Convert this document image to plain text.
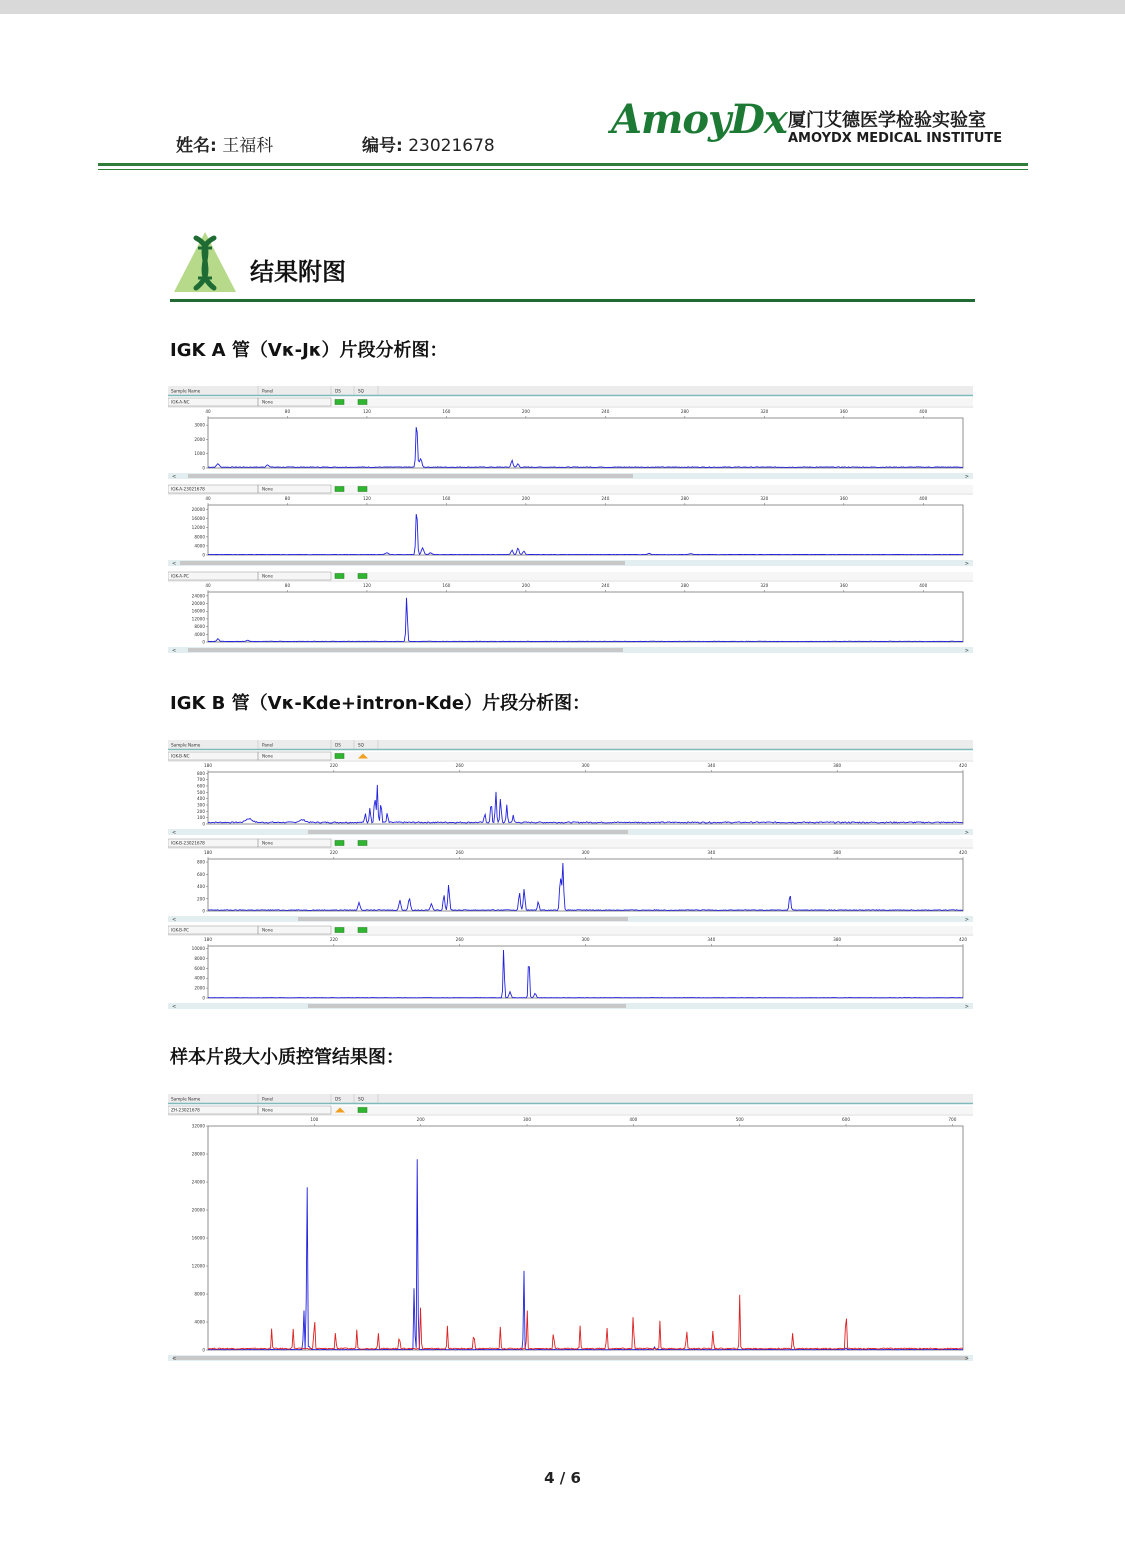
姓名: 王福科	编号: 23021678
AmoyDx 厦门艾德医学检验实验室
AMOYDX MEDICAL INSTITUTE
结果附图
IGK A 管（Vκ-Jκ）片段分析图：
Sample Name	Panel	DS	SQ
IGK-A-NC	None
40	80	120	160	200	240	280	320	360	400
0
1000
2000
3000
<	>
IGK-A-23021678	None
40	80	120	160	200	240	280	320	360	400
0
4000
8000
12000
16000
20000
<	>
IGK-A-PC	None
40	80	120	160	200	240	280	320	360	400
0
4000
8000
12000
16000
20000
24000
<	>
IGK B 管（Vκ-Kde+intron-Kde）片段分析图：
Sample Name	Panel	DS	SQ
IGK-B-NC	None
180	220	260	300	340	380	420
0
100
200
300
400
500
600
700
800
<	>
IGK-B-23021678	None
180	220	260	300	340	380	420
0
200
400
600
800
<	>
IGK-B-PC	None
180	220	260	300	340	380	420
0
2000
4000
6000
8000
10000
<	>
样本片段大小质控管结果图：
Sample Name	Panel	DS	SQ
ZH-23021678	None
100	200	300	400	500	600	700
0
4000
8000
12000
16000
20000
24000
28000
32000
<	>
4 / 6
